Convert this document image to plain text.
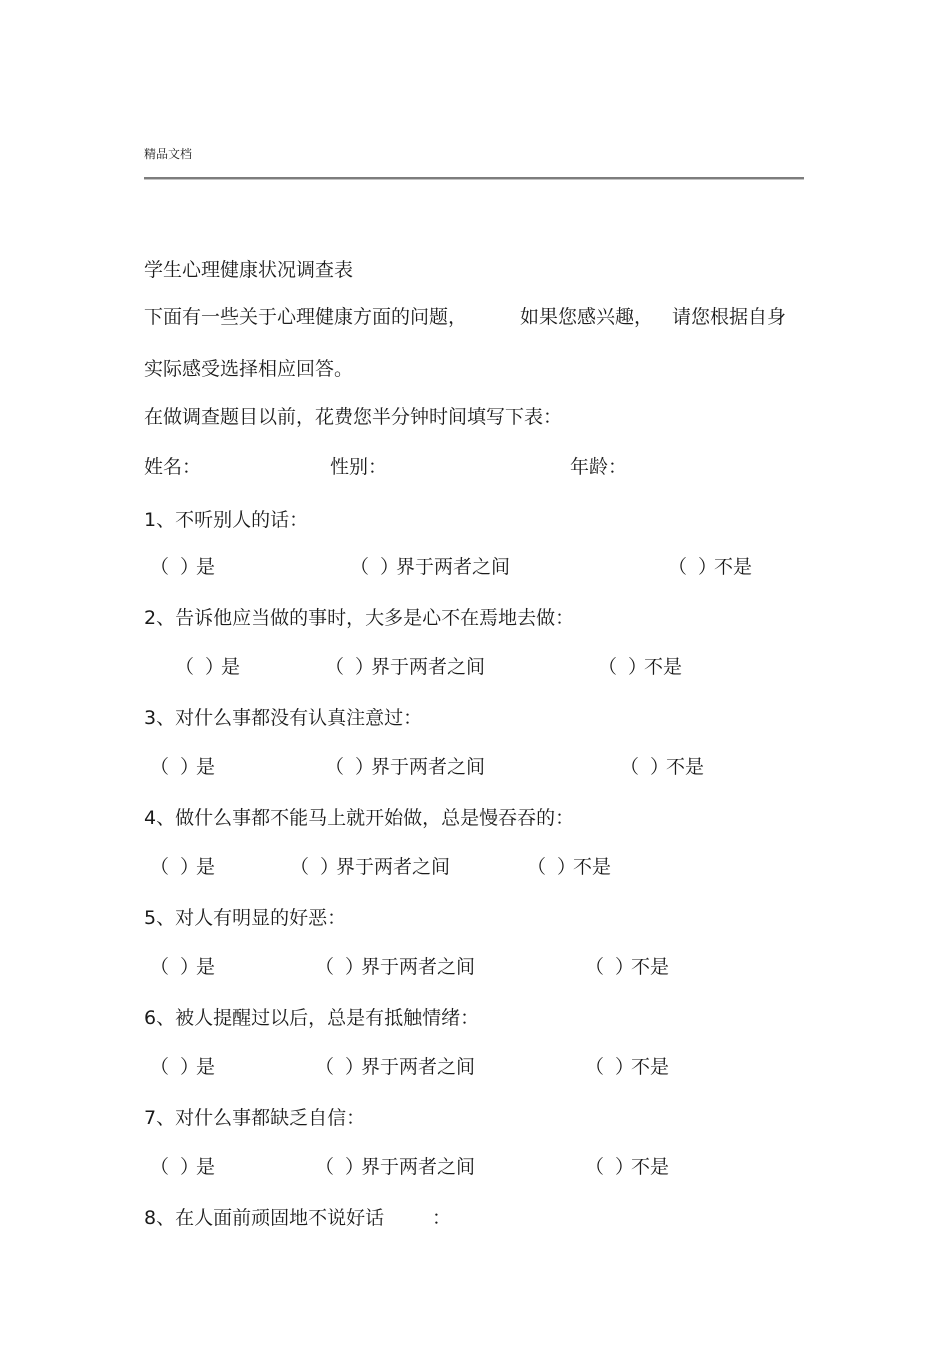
精品文档
学生心理健康状况调查表
下面有一些关于心理健康方面的问题，	如果您感兴趣， 请您根据自身
实际感受选择相应回答。
在做调查题目以前，花费您半分钟时间填写下表：
姓名：	性别：	年龄：
1、不听别人的话：
（ ）是	（ ）界于两者之间	（ ）不是
2、告诉他应当做的事时，大多是心不在焉地去做：
（ ）是	（ ）界于两者之间	（ ）不是
3、对什么事都没有认真注意过：
（ ）是	（ ）界于两者之间	（ ）不是
4、做什么事都不能马上就开始做，总是慢吞吞的：
（ ）是	（ ）界于两者之间	（ ）不是
5、对人有明显的好恶：
（ ）是	（ ）界于两者之间	（ ）不是
6、被人提醒过以后，总是有抵触情绪：
（ ）是	（ ）界于两者之间	（ ）不是
7、对什么事都缺乏自信：
（ ）是	（ ）界于两者之间	（ ）不是
8、在人面前顽固地不说好话	：
